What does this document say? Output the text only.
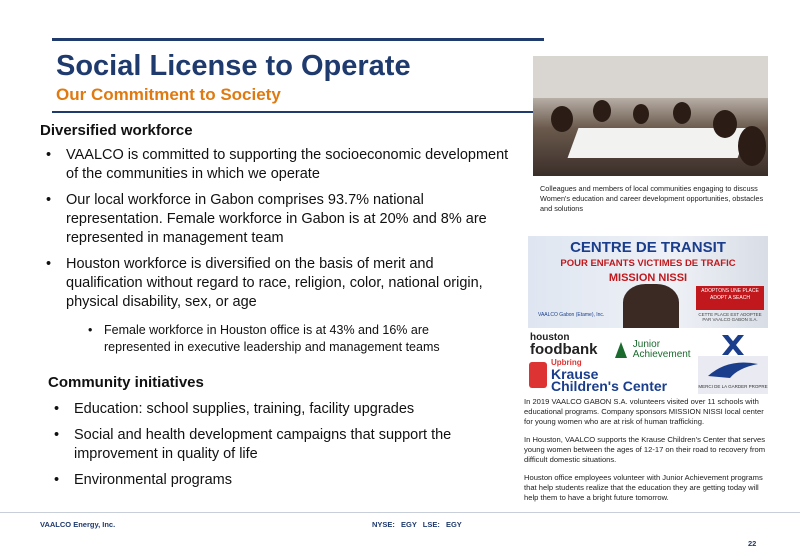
Social License to Operate
Our Commitment to Society
Diversified workforce
• VAALCO is committed to supporting the socioeconomic development of the communities in which we operate
• Our local workforce in Gabon comprises 93.7% national representation. Female workforce in Gabon is at 20% and 8% are represented in management team
• Houston workforce is diversified on the basis of merit and qualification without regard to race, religion, color, national origin, physical disability, sex, or age
• Female workforce in Houston office is at 43% and 16% are represented in executive leadership and management teams
Community initiatives
• Education: school supplies, training, facility upgrades
• Social and health development campaigns that support the improvement in quality of life
• Environmental programs
Colleagues and members of local communities engaging to discuss Women's education and career development opportunities, obstacles and solutions
CENTRE DE TRANSIT
POUR ENFANTS VICTIMES DE TRAFIC
MISSION NISSI
ADOPTONS UNE PLACE ADOPT A SEACH
VAALCO Gabon (Etame), Inc.	CETTE PLACE EST ADOPTEE PAR VAALCO GABON S.A.
houston
foodbank	Junior
Achievement
Upbring
Krause
Children's Center	MERCI DE LA GARDER PROPRE

In 2019 VAALCO GABON S.A. volunteers visited over 11 schools with educational programs. Company sponsors MISSION NISSI local center for young women who are at risk of human trafficking.

In Houston, VAALCO supports the Krause Children's Center that serves young women between the ages of 12-17 on their road to recovery from difficult domestic situations.

Houston office employees volunteer with Junior Achievement programs that help students realize that the education they are getting today will help them to have a bright future tomorrow.

VAALCO Energy, Inc.	NYSE: EGY LSE: EGY
22
